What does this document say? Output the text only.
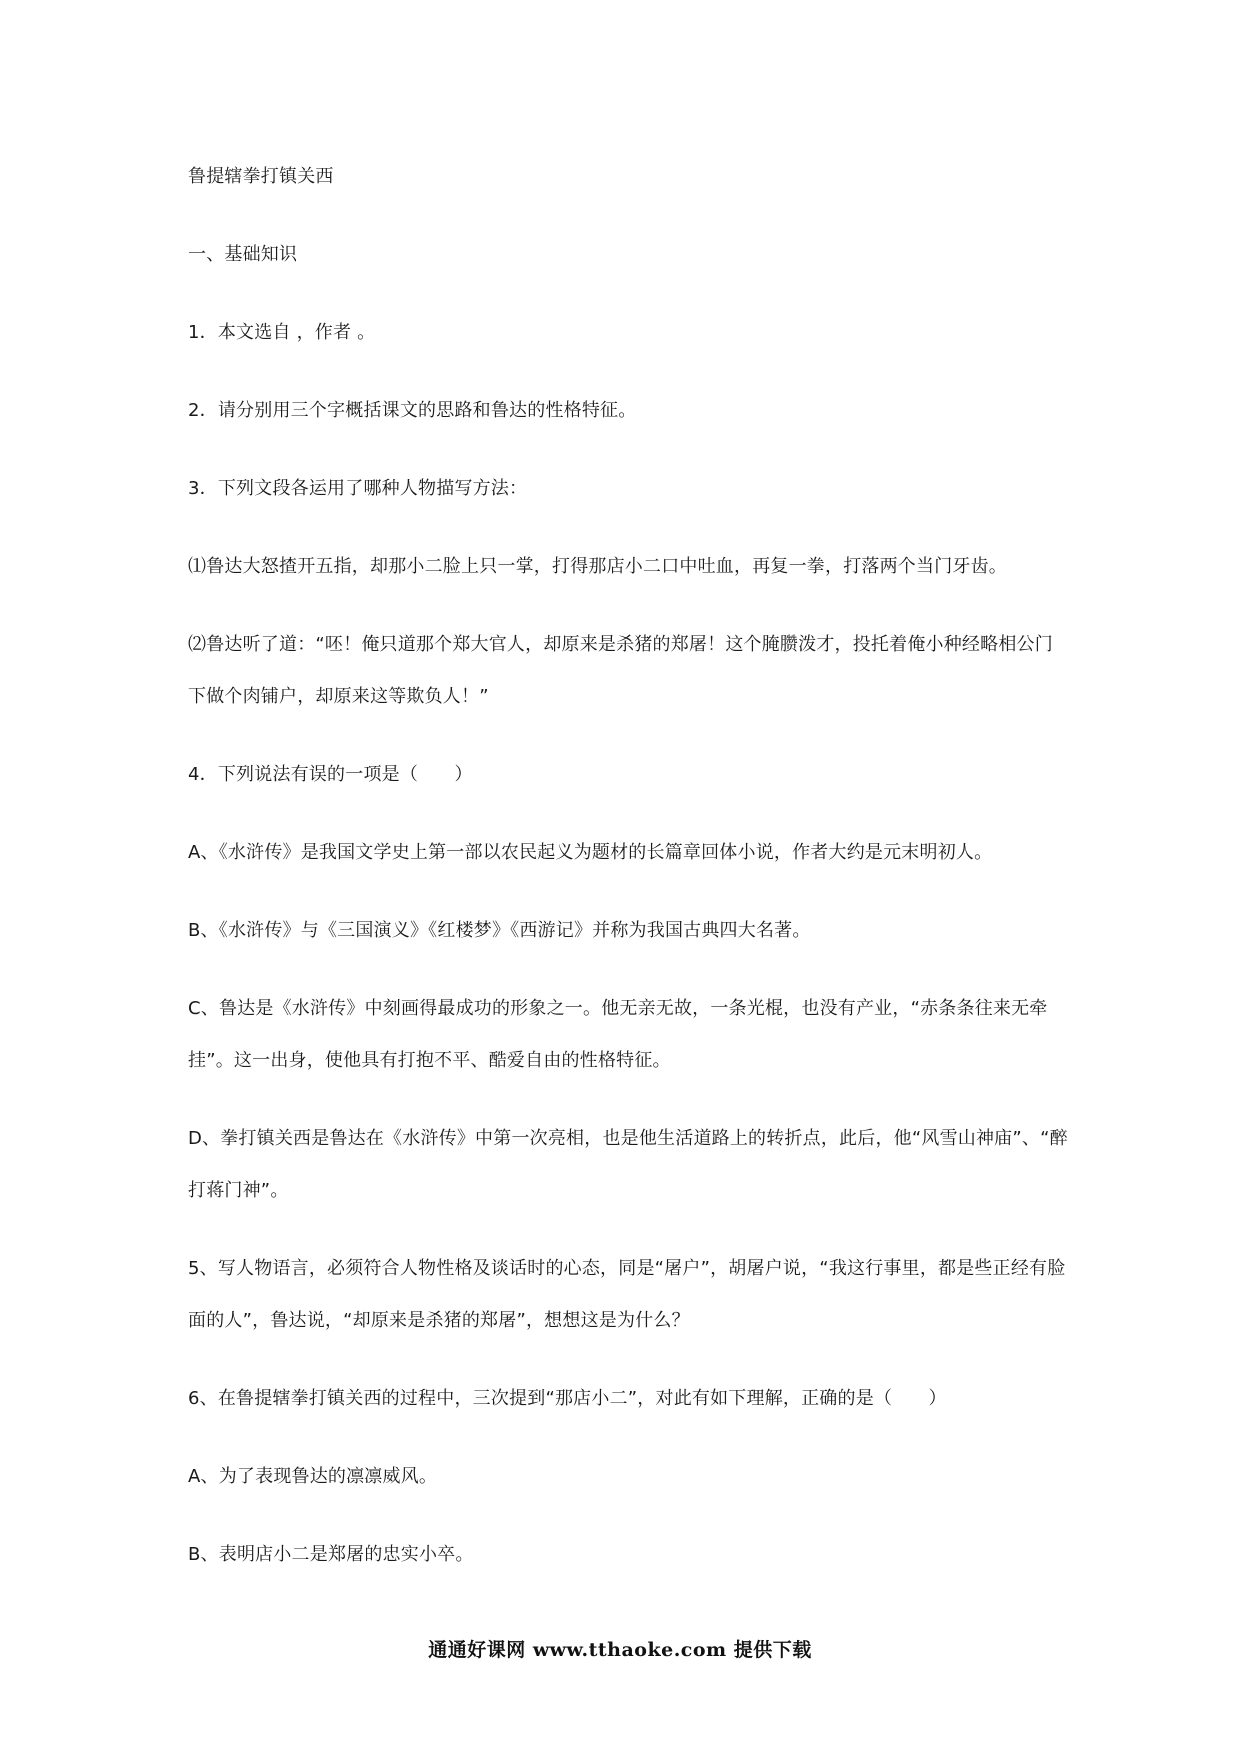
鲁提辖拳打镇关西
一、基础知识
1．本文选自 ，作者 。
2．请分别用三个字概括课文的思路和鲁达的性格特征。
3．下列文段各运用了哪种人物描写方法：
⑴鲁达大怒揸开五指，却那小二脸上只一掌，打得那店小二口中吐血，再复一拳，打落两个当门牙齿。
⑵鲁达听了道：“呸！俺只道那个郑大官人，却原来是杀猪的郑屠！这个腌臜泼才，投托着俺小种经略相公门下做个肉铺户，却原来这等欺负人！”
4．下列说法有误的一项是（　　）
A、《水浒传》是我国文学史上第一部以农民起义为题材的长篇章回体小说，作者大约是元末明初人。
B、《水浒传》与《三国演义》《红楼梦》《西游记》并称为我国古典四大名著。
C、鲁达是《水浒传》中刻画得最成功的形象之一。他无亲无故，一条光棍，也没有产业，“赤条条往来无牵挂”。这一出身，使他具有打抱不平、酷爱自由的性格特征。
D、拳打镇关西是鲁达在《水浒传》中第一次亮相，也是他生活道路上的转折点，此后，他“风雪山神庙”、“醉打蒋门神”。
5、写人物语言，必须符合人物性格及谈话时的心态，同是“屠户”，胡屠户说，“我这行事里，都是些正经有脸面的人”，鲁达说，“却原来是杀猪的郑屠”，想想这是为什么？
6、在鲁提辖拳打镇关西的过程中，三次提到“那店小二”，对此有如下理解，正确的是（　　）
A、为了表现鲁达的凛凛威风。
B、表明店小二是郑屠的忠实小卒。
通通好课网 www.tthaoke.com 提供下载
